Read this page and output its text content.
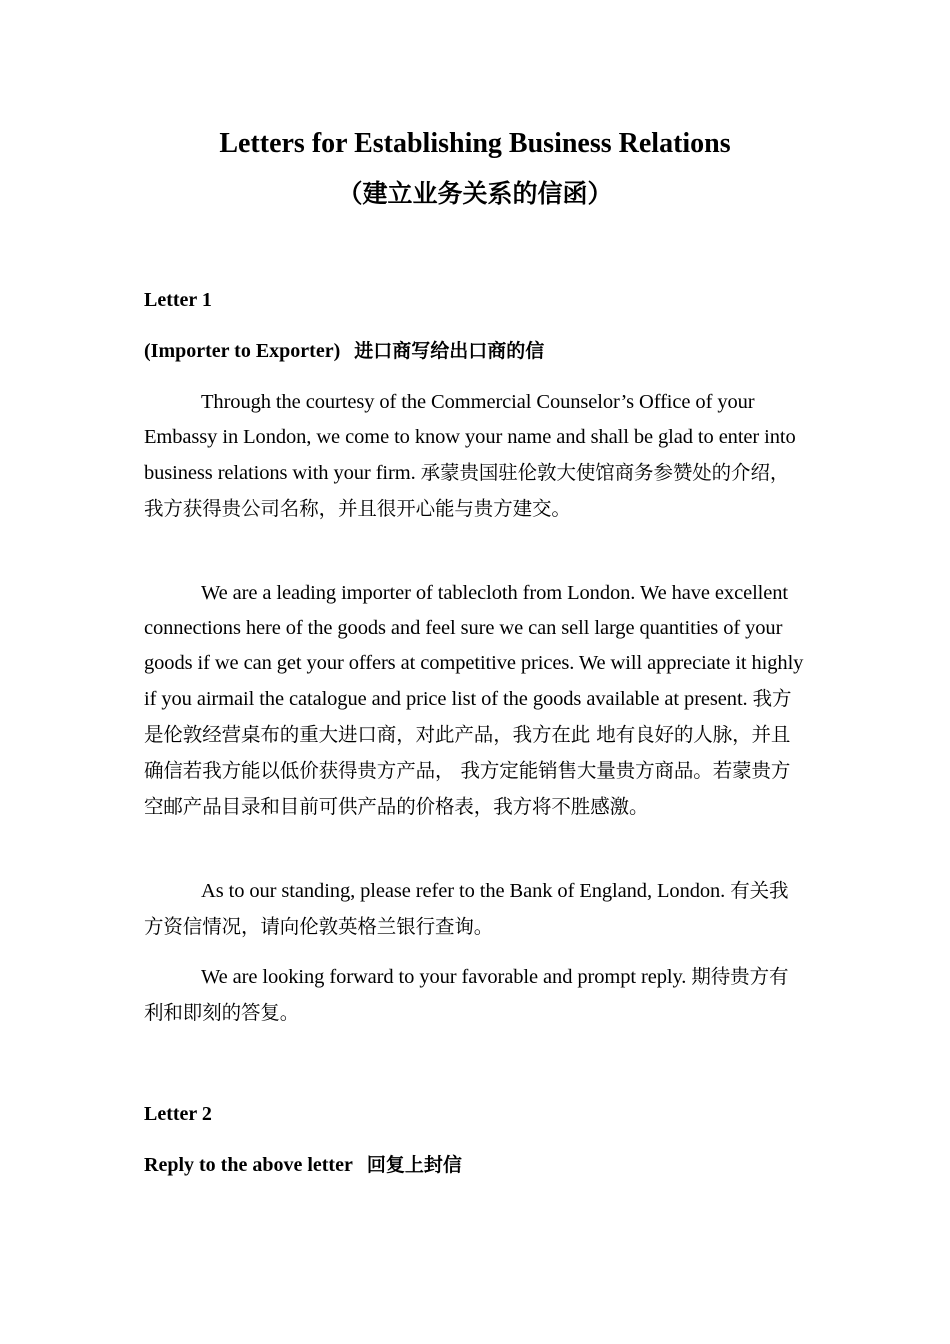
Letters for Establishing Business Relations
（建立业务关系的信函）
Letter 1
(Importer to Exporter) 进口商写给出口商的信
Through the courtesy of the Commercial Counselor’s Office of your Embassy in London, we come to know your name and shall be glad to enter into business relations with your firm. 承蒙贵国驻伦敦大使馆商务参赞处的介绍，我方获得贵公司名称，并且很开心能与贵方建交。
We are a leading importer of tablecloth from London. We have excellent connections here of the goods and feel sure we can sell large quantities of your goods if we can get your offers at competitive prices. We will appreciate it highly if you airmail the catalogue and price list of the goods available at present. 我方是伦敦经营桌布的重大进口商，对此产品，我方在此 地有良好的人脉，并且确信若我方能以低价获得贵方产品， 我方定能销售大量贵方商品。若蒙贵方空邮产品目录和目前可供产品的价格表，我方将不胜感激。
As to our standing, please refer to the Bank of England, London. 有关我方资信情况，请向伦敦英格兰银行查询。
We are looking forward to your favorable and prompt reply. 期待贵方有利和即刻的答复。
Letter 2
Reply to the above letter 回复上封信
